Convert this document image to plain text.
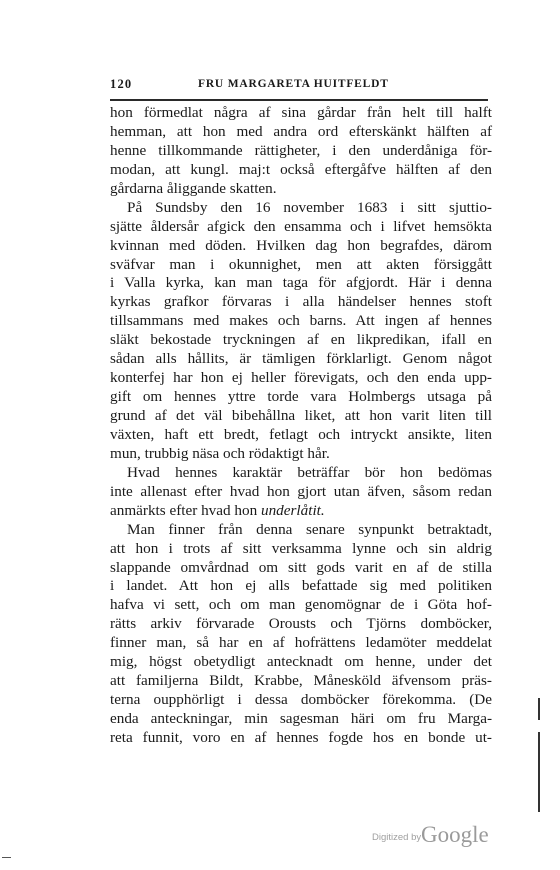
120	FRU MARGARETA HUITFELDT
hon förmedlat några af sina gårdar från helt till halft
hemman, att hon med andra ord efterskänkt hälften af
henne tillkommande rättigheter, i den underdåniga för-
modan, att kungl. maj:t också eftergåfve hälften af den
gårdarna åliggande skatten.
På Sundsby den 16 november 1683 i sitt sjuttio-
sjätte åldersår afgick den ensamma och i lifvet hemsökta
kvinnan med döden. Hvilken dag hon begrafdes, därom
sväfvar man i okunnighet, men att akten försiggått
i Valla kyrka, kan man taga för afgjordt. Här i denna
kyrkas grafkor förvaras i alla händelser hennes stoft
tillsammans med makes och barns. Att ingen af hennes
släkt bekostade tryckningen af en likpredikan, ifall en
sådan alls hållits, är tämligen förklarligt. Genom något
konterfej har hon ej heller förevigats, och den enda upp-
gift om hennes yttre torde vara Holmbergs utsaga på
grund af det väl bibehållna liket, att hon varit liten till
växten, haft ett bredt, fetlagt och intryckt ansikte, liten
mun, trubbig näsa och rödaktigt hår.
Hvad hennes karaktär beträffar bör hon bedömas
inte allenast efter hvad hon gjort utan äfven, såsom redan
anmärkts efter hvad hon underlåtit.
Man finner från denna senare synpunkt betraktadt,
att hon i trots af sitt verksamma lynne och sin aldrig
slappande omvårdnad om sitt gods varit en af de stilla
i landet. Att hon ej alls befattade sig med politiken
hafva vi sett, och om man genomögnar de i Göta hof-
rätts arkiv förvarade Orousts och Tjörns domböcker,
finner man, så har en af hofrättens ledamöter meddelat
mig, högst obetydligt antecknadt om henne, under det
att familjerna Bildt, Krabbe, Månesköld äfvensom präs-
terna oupphörligt i dessa domböcker förekomma. (De
enda anteckningar, min sagesman häri om fru Marga-
reta funnit, voro en af hennes fogde hos en bonde ut-
Digitized by Google
